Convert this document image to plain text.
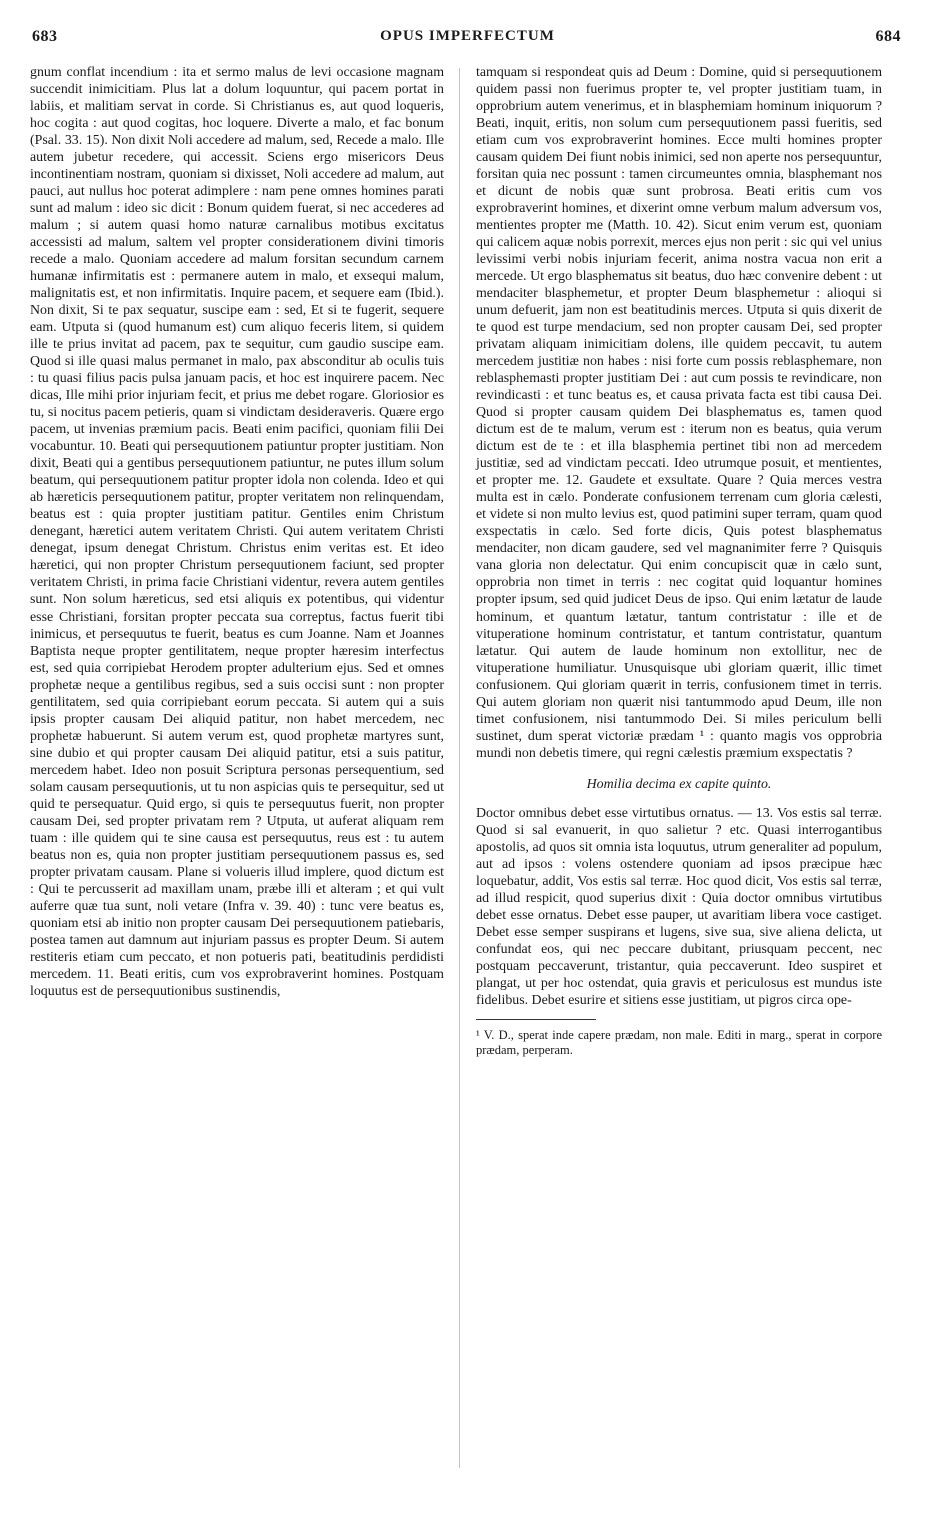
683	OPUS IMPERFECTUM	684

gnum conflat incendium : ita et sermo malus de levi occasione magnam succendit inimicitiam. Plus lat a dolum loquuntur, qui pacem portat in labiis, et malitiam servat in corde. Si Christianus es, aut quod loqueris, hoc cogita : aut quod cogitas, hoc loquere. Diverte a malo, et fac bonum (Psal. 33. 15). Non dixit Noli accedere ad malum, sed, Recede a malo. Ille autem jubetur recedere, qui accessit. Sciens ergo misericors Deus incontinentiam nostram, quoniam si dixisset, Noli accedere ad malum, aut pauci, aut nullus hoc poterat adimplere : nam pene omnes homines parati sunt ad malum : ideo sic dicit : Bonum quidem fuerat, si nec accederes ad malum ; si autem quasi homo naturæ carnalibus motibus excitatus accessisti ad malum, saltem vel propter considerationem divini timoris recede a malo. Quoniam accedere ad malum forsitan secundum carnem humanæ infirmitatis est : permanere autem in malo, et exsequi malum, malignitatis est, et non infirmitatis. Inquire pacem, et sequere eam (Ibid.). Non dixit, Si te pax sequatur, suscipe eam : sed, Et si te fugerit, sequere eam. Utputa si (quod humanum est) cum aliquo feceris litem, si quidem ille te prius invitat ad pacem, pax te sequitur, cum gaudio suscipe eam. Quod si ille quasi malus permanet in malo, pax absconditur ab oculis tuis : tu quasi filius pacis pulsa januam pacis, et hoc est inquirere pacem. Nec dicas, Ille mihi prior injuriam fecit, et prius me debet rogare. Gloriosior es tu, si nocitus pacem petieris, quam si vindictam desideraveris. Quære ergo pacem, ut invenias præmium pacis. Beati enim pacifici, quoniam filii Dei vocabuntur. 10. Beati qui persequutionem patiuntur propter justitiam. Non dixit, Beati qui a gentibus persequutionem patiuntur, ne putes illum solum beatum, qui persequutionem patitur propter idola non colenda. Ideo et qui ab hæreticis persequutionem patitur, propter veritatem non relinquendam, beatus est : quia propter justitiam patitur. Gentiles enim Christum denegant, hæretici autem veritatem Christi. Qui autem veritatem Christi denegat, ipsum denegat Christum. Christus enim veritas est. Et ideo hæretici, qui non propter Christum persequutionem faciunt, sed propter veritatem Christi, in prima facie Christiani videntur, revera autem gentiles sunt. Non solum hæreticus, sed etsi aliquis ex potentibus, qui videntur esse Christiani, forsitan propter peccata sua correptus, factus fuerit tibi inimicus, et persequutus te fuerit, beatus es cum Joanne. Nam et Joannes Baptista neque propter gentilitatem, neque propter hæresim interfectus est, sed quia corripiebat Herodem propter adulterium ejus. Sed et omnes prophetæ neque a gentilibus regibus, sed a suis occisi sunt : non propter gentilitatem, sed quia corripiebant eorum peccata. Si autem qui a suis ipsis propter causam Dei aliquid patitur, non habet mercedem, nec prophetæ habuerunt. Si autem verum est, quod prophetæ martyres sunt, sine dubio et qui propter causam Dei aliquid patitur, etsi a suis patitur, mercedem habet. Ideo non posuit Scriptura personas persequentium, sed solam causam persequutionis, ut tu non aspicias quis te persequitur, sed ut quid te persequatur. Quid ergo, si quis te persequutus fuerit, non propter causam Dei, sed propter privatam rem ? Utputa, ut auferat aliquam rem tuam : ille quidem qui te sine causa est persequutus, reus est : tu autem beatus non es, quia non propter justitiam persequutionem passus es, sed propter privatam causam. Plane si volueris illud implere, quod dictum est : Qui te percusserit ad maxillam unam, præbe illi et alteram ; et qui vult auferre quæ tua sunt, noli vetare (Infra v. 39. 40) : tunc vere beatus es, quoniam etsi ab initio non propter causam Dei persequutionem patiebaris, postea tamen aut damnum aut injuriam passus es propter Deum. Si autem restiteris etiam cum peccato, et non potueris pati, beatitudinis perdidisti mercedem. 11. Beati eritis, cum vos exprobraverint homines. Postquam loquutus est de persequutionibus sustinendis,

tamquam si respondeat quis ad Deum : Domine, quid si persequutionem quidem passi non fuerimus propter te, vel propter justitiam tuam, in opprobrium autem venerimus, et in blasphemiam hominum iniquorum ? Beati, inquit, eritis, non solum cum persequutionem passi fueritis, sed etiam cum vos exprobraverint homines. Ecce multi homines propter causam quidem Dei fiunt nobis inimici, sed non aperte nos persequuntur, forsitan quia nec possunt : tamen circumeuntes omnia, blasphemant nos et dicunt de nobis quæ sunt probrosa. Beati eritis cum vos exprobraverint homines, et dixerint omne verbum malum adversum vos, mentientes propter me (Matth. 10. 42). Sicut enim verum est, quoniam qui calicem aquæ nobis porrexit, merces ejus non perit : sic qui vel unius levissimi verbi nobis injuriam fecerit, anima nostra vacua non erit a mercede. Ut ergo blasphematus sit beatus, duo hæc convenire debent : ut mendaciter blasphemetur, et propter Deum blasphemetur : alioqui si unum defuerit, jam non est beatitudinis merces. Utputa si quis dixerit de te quod est turpe mendacium, sed non propter causam Dei, sed propter privatam aliquam inimicitiam dolens, ille quidem peccavit, tu autem mercedem justitiæ non habes : nisi forte cum possis reblasphemare, non reblasphemasti propter justitiam Dei : aut cum possis te revindicare, non revindicasti : et tunc beatus es, et causa privata facta est tibi causa Dei. Quod si propter causam quidem Dei blasphematus es, tamen quod dictum est de te malum, verum est : iterum non es beatus, quia verum dictum est de te : et illa blasphemia pertinet tibi non ad mercedem justitiæ, sed ad vindictam peccati. Ideo utrumque posuit, et mentientes, et propter me. 12. Gaudete et exsultate. Quare ? Quia merces vestra multa est in cælo. Ponderate confusionem terrenam cum gloria cælesti, et videte si non multo levius est, quod patimini super terram, quam quod exspectatis in cælo. Sed forte dicis, Quis potest blasphematus mendaciter, non dicam gaudere, sed vel magnanimiter ferre ? Quisquis vana gloria non delectatur. Qui enim concupiscit quæ in cælo sunt, opprobria non timet in terris : nec cogitat quid loquantur homines propter ipsum, sed quid judicet Deus de ipso. Qui enim lætatur de laude hominum, et quantum lætatur, tantum contristatur : ille et de vituperatione hominum contristatur, et tantum contristatur, quantum lætatur. Qui autem de laude hominum non extollitur, nec de vituperatione humiliatur. Unusquisque ubi gloriam quærit, illic timet confusionem. Qui gloriam quærit in terris, confusionem timet in terris. Qui autem gloriam non quærit nisi tantummodo apud Deum, ille non timet confusionem, nisi tantummodo Dei. Si miles periculum belli sustinet, dum sperat victoriæ prædam ¹ : quanto magis vos opprobria mundi non debetis timere, qui regni cælestis præmium exspectatis ?

Homilia decima ex capite quinto.

Doctor omnibus debet esse virtutibus ornatus. — 13. Vos estis sal terræ. Quod si sal evanuerit, in quo salietur ? etc. Quasi interrogantibus apostolis, ad quos sit omnia ista loquutus, utrum generaliter ad populum, aut ad ipsos : volens ostendere quoniam ad ipsos præcipue hæc loquebatur, addit, Vos estis sal terræ. Hoc quod dicit, Vos estis sal terræ, ad illud respicit, quod superius dixit : Quia doctor omnibus virtutibus debet esse ornatus. Debet esse pauper, ut avaritiam libera voce castiget. Debet esse semper suspirans et lugens, sive sua, sive aliena delicta, ut confundat eos, qui nec peccare dubitant, priusquam peccent, nec postquam peccaverunt, tristantur, quia peccaverunt. Ideo suspiret et plangat, ut per hoc ostendat, quia gravis et periculosus est mundus iste fidelibus. Debet esurire et sitiens esse justitiam, ut pigros circa ope-

¹ V. D., sperat inde capere prædam, non male. Editi in marg., sperat in corpore prædam, perperam.
